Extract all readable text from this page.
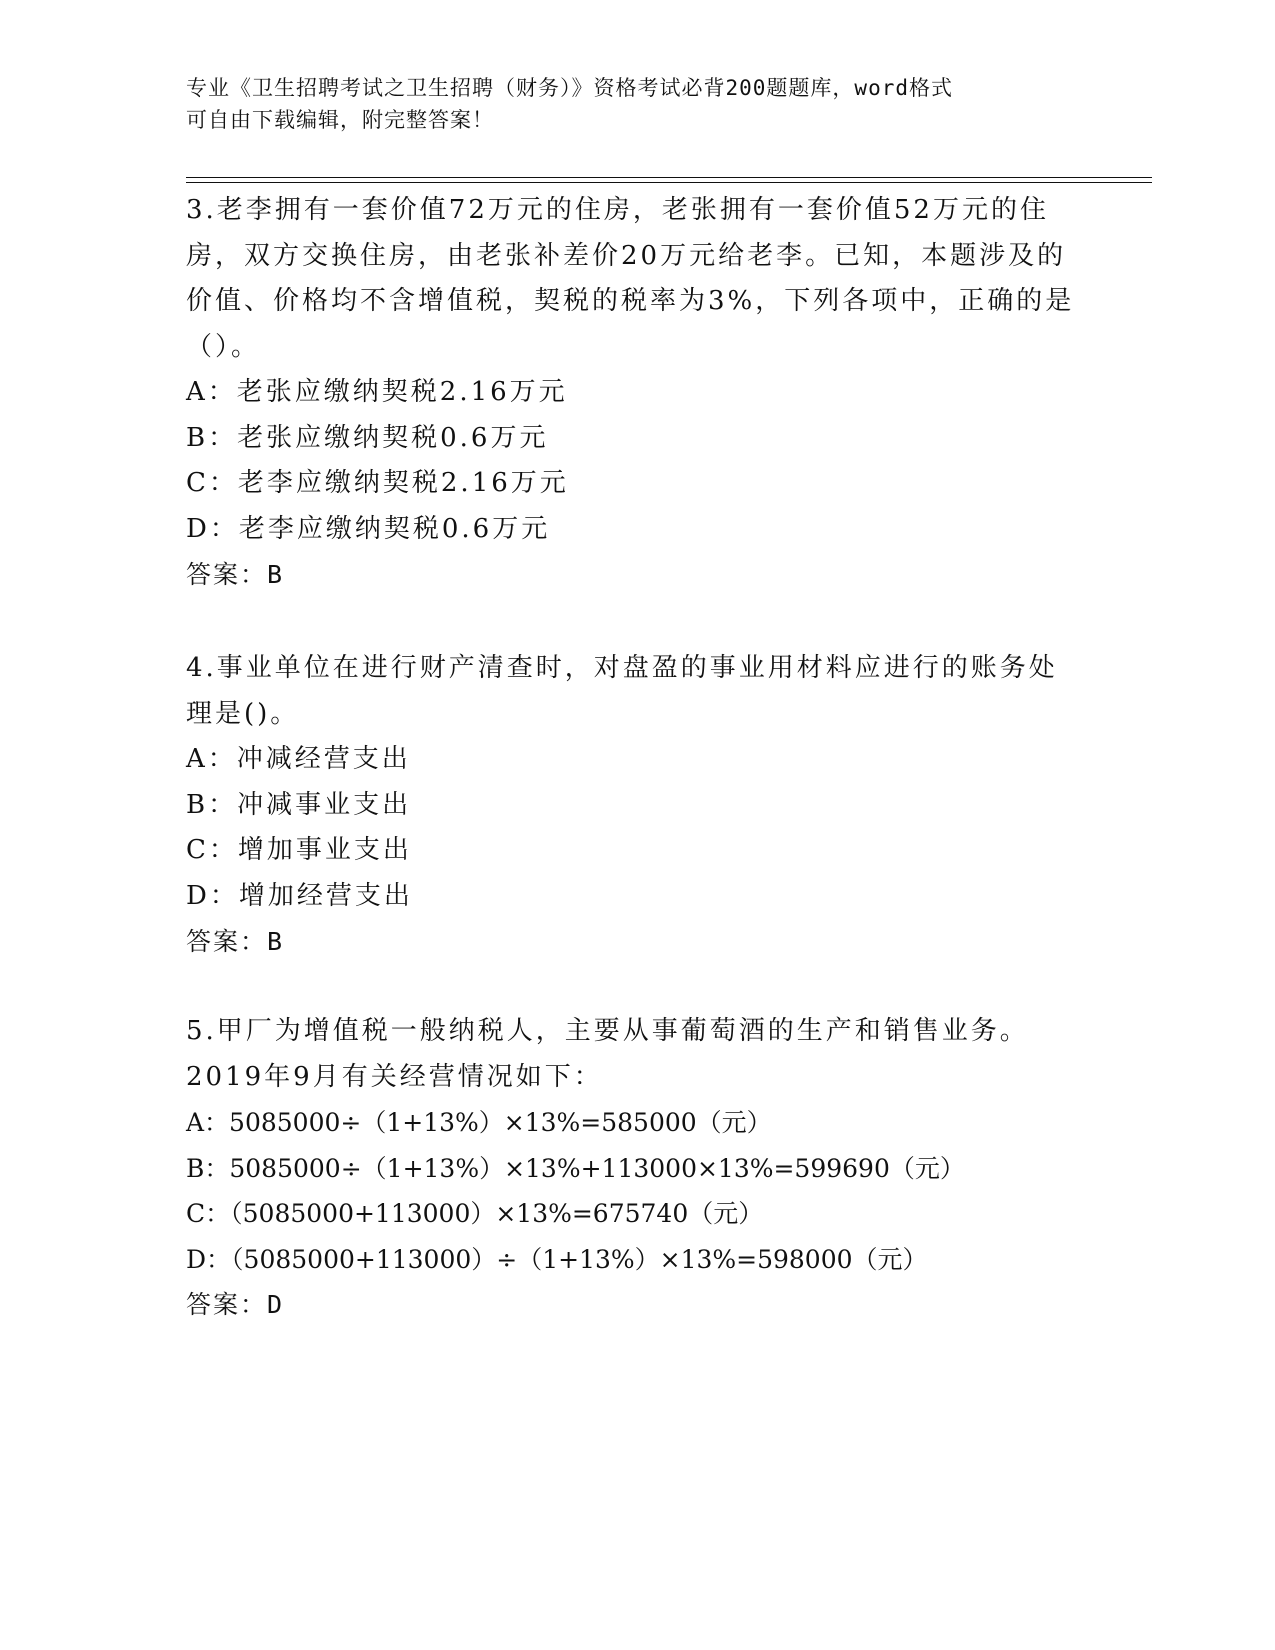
专业《卫生招聘考试之卫生招聘（财务）》资格考试必背200题题库，word格式
可自由下载编辑，附完整答案！
3.老李拥有一套价值72万元的住房，老张拥有一套价值52万元的住
房，双方交换住房，由老张补差价20万元给老李。已知，本题涉及的
价值、价格均不含增值税，契税的税率为3%，下列各项中，正确的是
（）。
A：老张应缴纳契税2.16万元
B：老张应缴纳契税0.6万元
C：老李应缴纳契税2.16万元
D：老李应缴纳契税0.6万元
答案：B
4.事业单位在进行财产清查时，对盘盈的事业用材料应进行的账务处
理是()。
A：冲减经营支出
B：冲减事业支出
C：增加事业支出
D：增加经营支出
答案：B
5.甲厂为增值税一般纳税人，主要从事葡萄酒的生产和销售业务。
2019年9月有关经营情况如下：
A：5085000÷（1+13%）×13%=585000（元）
B：5085000÷（1+13%）×13%+113000×13%=599690（元）
C：（5085000+113000）×13%=675740（元）
D：（5085000+113000）÷（1+13%）×13%=598000（元）
答案：D
